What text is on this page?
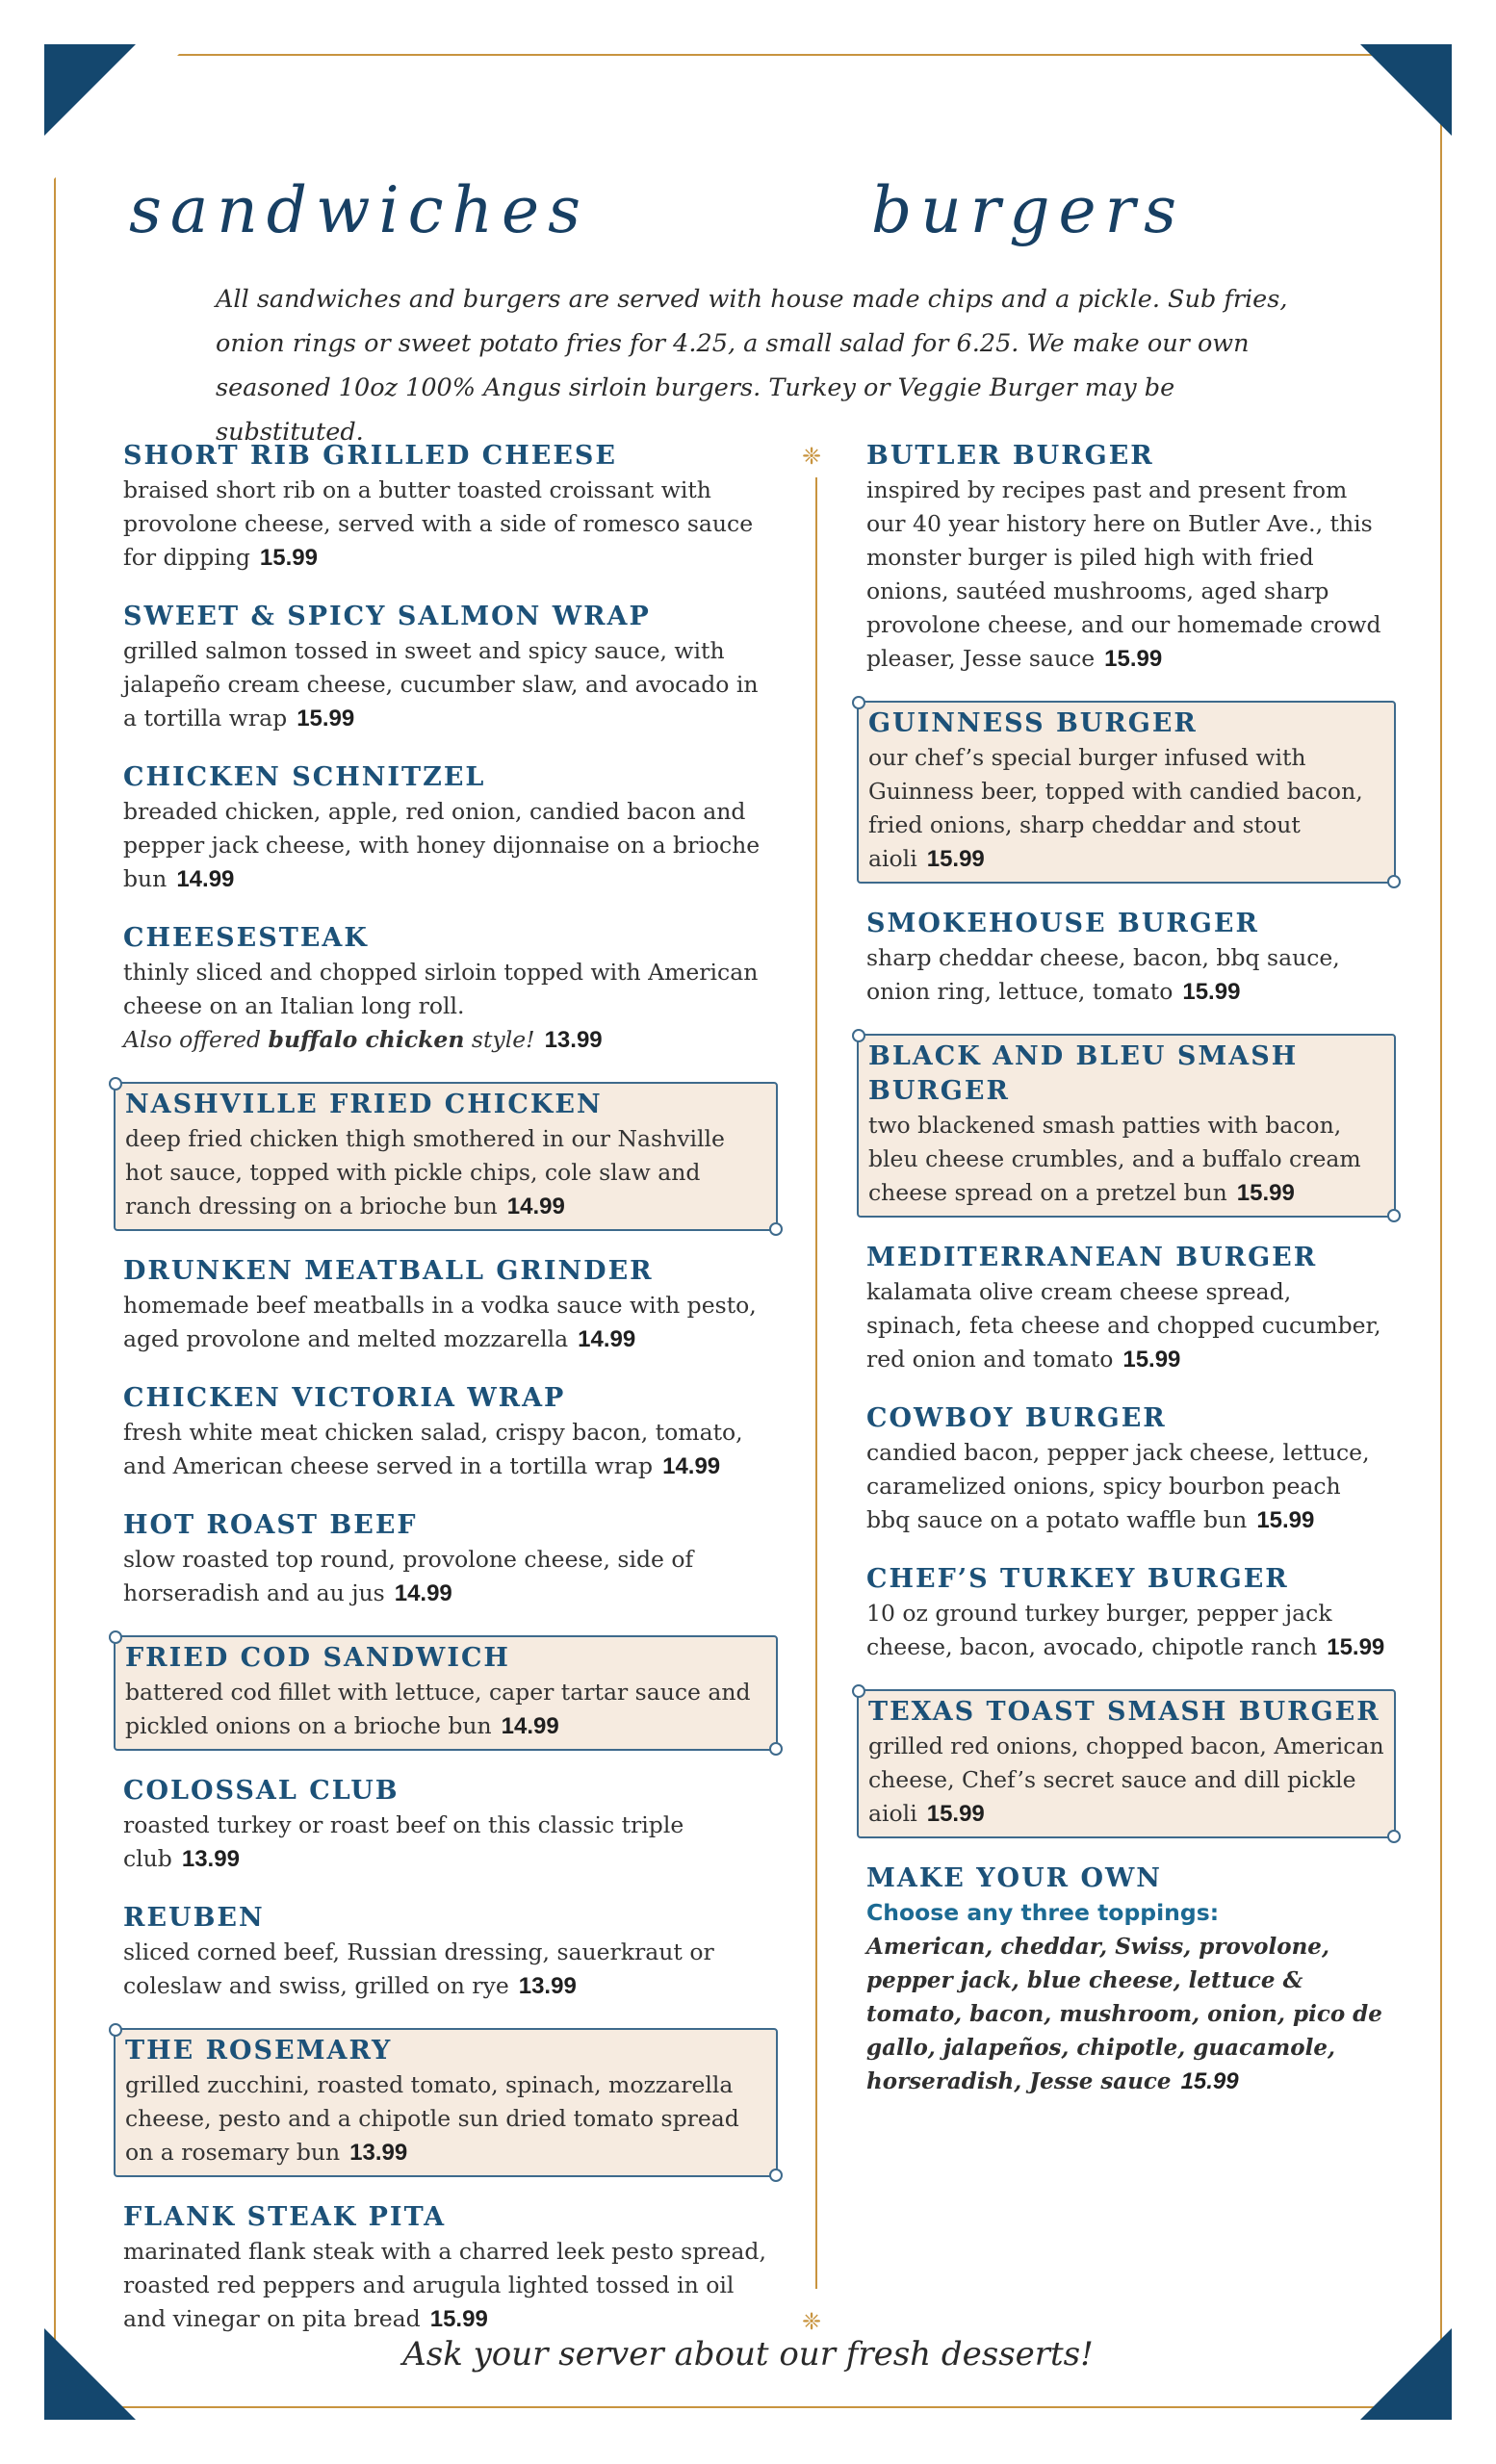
sandwiches	burgers

All sandwiches and burgers are served with house made chips and a pickle. Sub fries, onion rings or sweet potato fries for 4.25, a small salad for 6.25. We make our own seasoned 10oz 100% Angus sirloin burgers. Turkey or Veggie Burger may be substituted.

SHORT RIB GRILLED CHEESE

braised short rib on a butter toasted croissant with provolone cheese, served with a side of romesco sauce for dipping 15.99

SWEET & SPICY SALMON WRAP

grilled salmon tossed in sweet and spicy sauce, with jalapeño cream cheese, cucumber slaw, and avocado in a tortilla wrap 15.99

CHICKEN SCHNITZEL

breaded chicken, apple, red onion, candied bacon and pepper jack cheese, with honey dijonnaise on a brioche bun 14.99

CHEESESTEAK

thinly sliced and chopped sirloin topped with American cheese on an Italian long roll.
Also offered buffalo chicken style! 13.99

NASHVILLE FRIED CHICKEN

deep fried chicken thigh smothered in our Nashville hot sauce, topped with pickle chips, cole slaw and ranch dressing on a brioche bun 14.99

DRUNKEN MEATBALL GRINDER

homemade beef meatballs in a vodka sauce with pesto, aged provolone and melted mozzarella 14.99

CHICKEN VICTORIA WRAP

fresh white meat chicken salad, crispy bacon, tomato, and American cheese served in a tortilla wrap 14.99

HOT ROAST BEEF

slow roasted top round, provolone cheese, side of horseradish and au jus 14.99

FRIED COD SANDWICH

battered cod fillet with lettuce, caper tartar sauce and pickled onions on a brioche bun 14.99

COLOSSAL CLUB

roasted turkey or roast beef on this classic triple club 13.99

REUBEN

sliced corned beef, Russian dressing, sauerkraut or coleslaw and swiss, grilled on rye 13.99

THE ROSEMARY

grilled zucchini, roasted tomato, spinach, mozzarella cheese, pesto and a chipotle sun dried tomato spread on a rosemary bun 13.99

FLANK STEAK PITA

marinated flank steak with a charred leek pesto spread, roasted red peppers and arugula lighted tossed in oil and vinegar on pita bread 15.99

❈
❈

BUTLER BURGER

inspired by recipes past and present from our 40 year history here on Butler Ave., this monster burger is piled high with fried onions, sautéed mushrooms, aged sharp provolone cheese, and our homemade crowd pleaser, Jesse sauce 15.99

GUINNESS BURGER

our chef’s special burger infused with Guinness beer, topped with candied bacon, fried onions, sharp cheddar and stout aioli 15.99

SMOKEHOUSE BURGER

sharp cheddar cheese, bacon, bbq sauce, onion ring, lettuce, tomato 15.99

BLACK AND BLEU SMASH BURGER

two blackened smash patties with bacon, bleu cheese crumbles, and a buffalo cream cheese spread on a pretzel bun 15.99

MEDITERRANEAN BURGER

kalamata olive cream cheese spread, spinach, feta cheese and chopped cucumber, red onion and tomato 15.99

COWBOY BURGER

candied bacon, pepper jack cheese, lettuce, caramelized onions, spicy bourbon peach bbq sauce on a potato waffle bun 15.99

CHEF’S TURKEY BURGER

10 oz ground turkey burger, pepper jack cheese, bacon, avocado, chipotle ranch 15.99

TEXAS TOAST SMASH BURGER

grilled red onions, chopped bacon, American cheese, Chef’s secret sauce and dill pickle aioli 15.99

MAKE YOUR OWN

Choose any three toppings:

American, cheddar, Swiss, provolone, pepper jack, blue cheese, lettuce & tomato, bacon, mushroom, onion, pico de gallo, jalapeños, chipotle, guacamole, horseradish, Jesse sauce 15.99

Ask your server about our fresh desserts!
